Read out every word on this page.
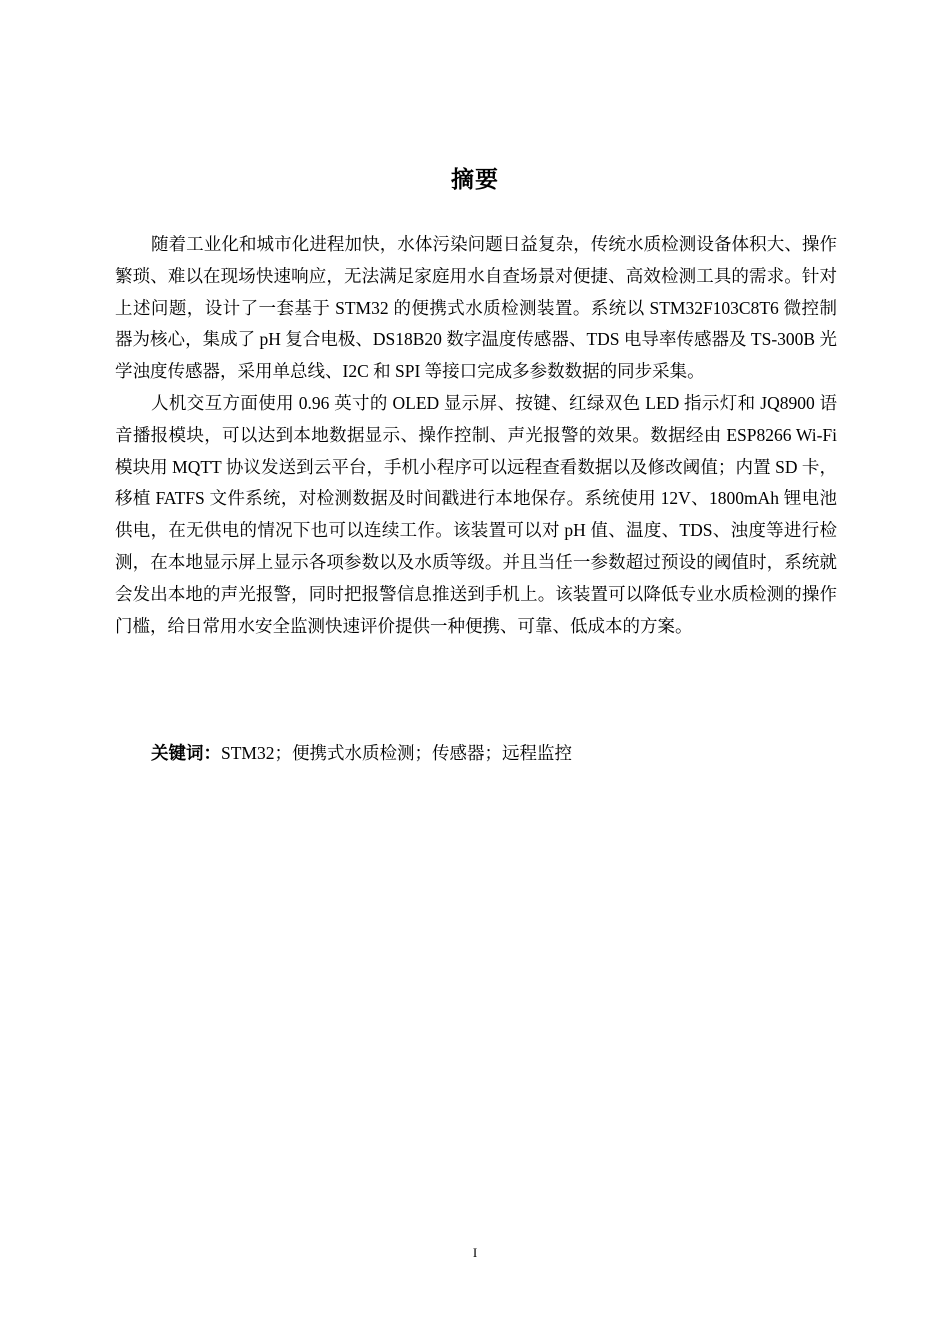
摘要

随着工业化和城市化进程加快，水体污染问题日益复杂，传统水质检测设备体积大、操作繁琐、难以在现场快速响应，无法满足家庭用水自查场景对便捷、高效检测工具的需求。针对上述问题，设计了一套基于 STM32 的便携式水质检测装置。系统以 STM32F103C8T6 微控制器为核心，集成了 pH 复合电极、DS18B20 数字温度传感器、TDS 电导率传感器及 TS-300B 光学浊度传感器，采用单总线、I2C 和 SPI 等接口完成多参数数据的同步采集。

人机交互方面使用 0.96 英寸的 OLED 显示屏、按键、红绿双色 LED 指示灯和 JQ8900 语音播报模块，可以达到本地数据显示、操作控制、声光报警的效果。数据经由 ESP8266 Wi-Fi 模块用 MQTT 协议发送到云平台，手机小程序可以远程查看数据以及修改阈值；内置 SD 卡，移植 FATFS 文件系统，对检测数据及时间戳进行本地保存。系统使用 12V、1800mAh 锂电池供电，在无供电的情况下也可以连续工作。该装置可以对 pH 值、温度、TDS、浊度等进行检测，在本地显示屏上显示各项参数以及水质等级。并且当任一参数超过预设的阈值时，系统就会发出本地的声光报警，同时把报警信息推送到手机上。该装置可以降低专业水质检测的操作门槛，给日常用水安全监测快速评价提供一种便携、可靠、低成本的方案。

关键词：STM32；便携式水质检测；传感器；远程监控
I
